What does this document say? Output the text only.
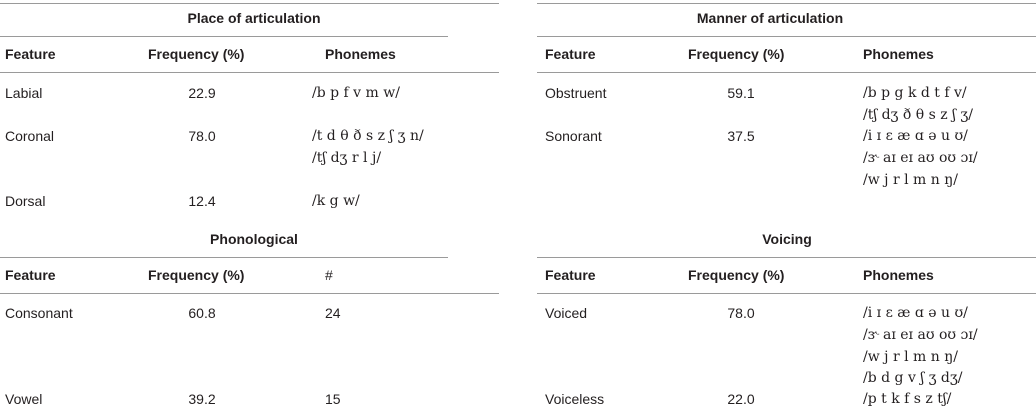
Place of articulation
Feature	Frequency (%)	Phonemes
Labial	22.9	/b p f v m w/
Coronal	78.0	/t d θ ð s z ʃ ʒ n/
/tʃ dʒ r l j/
Dorsal	12.4	/k g w/
Manner of articulation
Feature	Frequency (%)	Phonemes
Obstruent	59.1	/b p g k d t f v/
/tʃ dʒ ð θ s z ʃ ʒ/
Sonorant	37.5	/i ɪ ɛ æ ɑ ə u ʊ/
/ɝ aɪ eɪ aʊ oʊ ɔɪ/
/w j r l m n ŋ/
Phonological
Feature	Frequency (%)	#
Consonant	60.8	24
Vowel	39.2	15
Voicing
Feature	Frequency (%)	Phonemes
Voiced	78.0	/i ɪ ɛ æ ɑ ə u ʊ/
/ɝ aɪ eɪ aʊ oʊ ɔɪ/
/w j r l m n ŋ/
/b d g v ʃ ʒ dʒ/
Voiceless	22.0	/p t k f s z tʃ/
